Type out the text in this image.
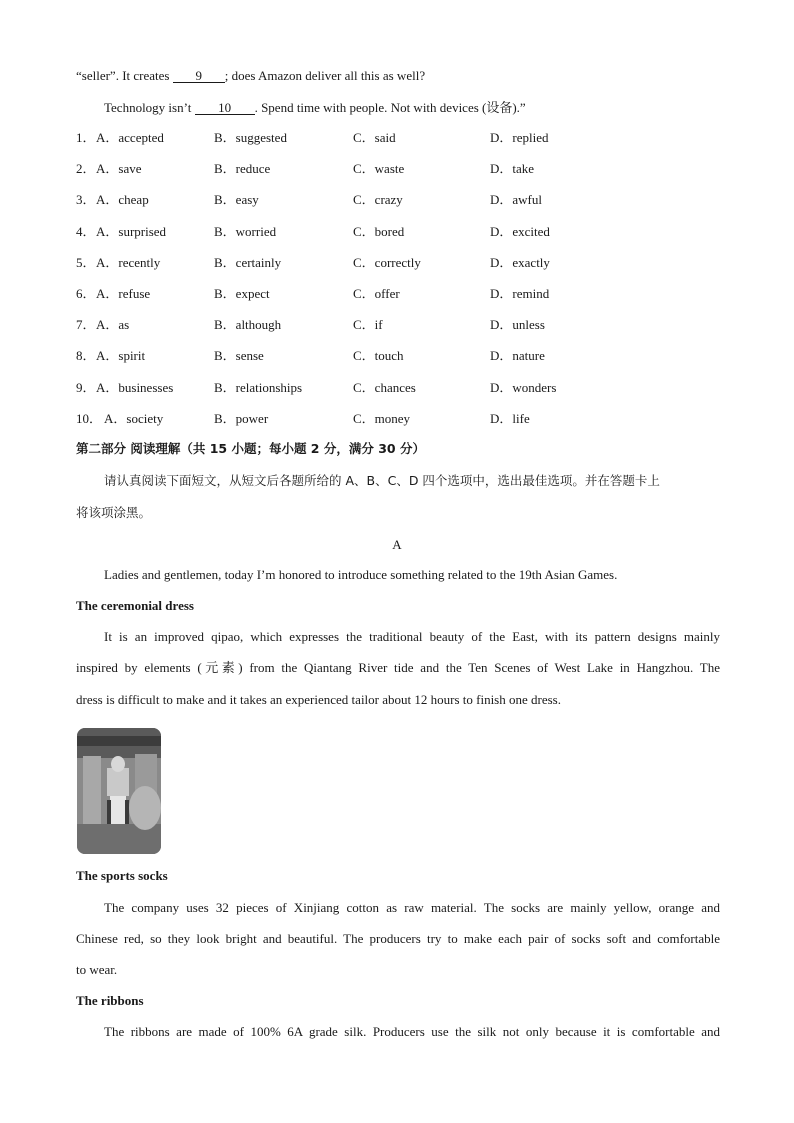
“seller”. It creates 9 ; does Amazon deliver all this as well?
Technology isn’t 10 . Spend time with people. Not with devices (设备).”
1． A．accepted	B．suggested	C．said	D．replied
2． A．save	B．reduce	C．waste	D．take
3． A．cheap	B．easy	C．crazy	D．awful
4． A．surprised	B．worried	C．bored	D．excited
5． A．recently	B．certainly	C．correctly	D．exactly
6． A．refuse	B．expect	C．offer	D．remind
7． A．as	B．although	C．if	D．unless
8． A．spirit	B．sense	C．touch	D．nature
9． A．businesses	B．relationships	C．chances	D．wonders
10． A．society	B．power	C．money	D．life
第二部分 阅读理解（共 15 小题；每小题 2 分，满分 30 分）
请认真阅读下面短文，从短文后各题所给的 A、B、C、D 四个选项中，选出最佳选项。并在答题卡上
将该项涂黑。
A
Ladies and gentlemen, today I’m honored to introduce something related to the 19th Asian Games.
The ceremonial dress
It is an improved qipao, which expresses the traditional beauty of the East, with its pattern designs mainly
inspired by elements (元素) from the Qiantang River tide and the Ten Scenes of West Lake in Hangzhou. The
dress is difficult to make and it takes an experienced tailor about 12 hours to finish one dress.
The sports socks
The company uses 32 pieces of Xinjiang cotton as raw material. The socks are mainly yellow, orange and
Chinese red, so they look bright and beautiful. The producers try to make each pair of socks soft and comfortable
to wear.
The ribbons
The ribbons are made of 100% 6A grade silk. Producers use the silk not only because it is comfortable and
